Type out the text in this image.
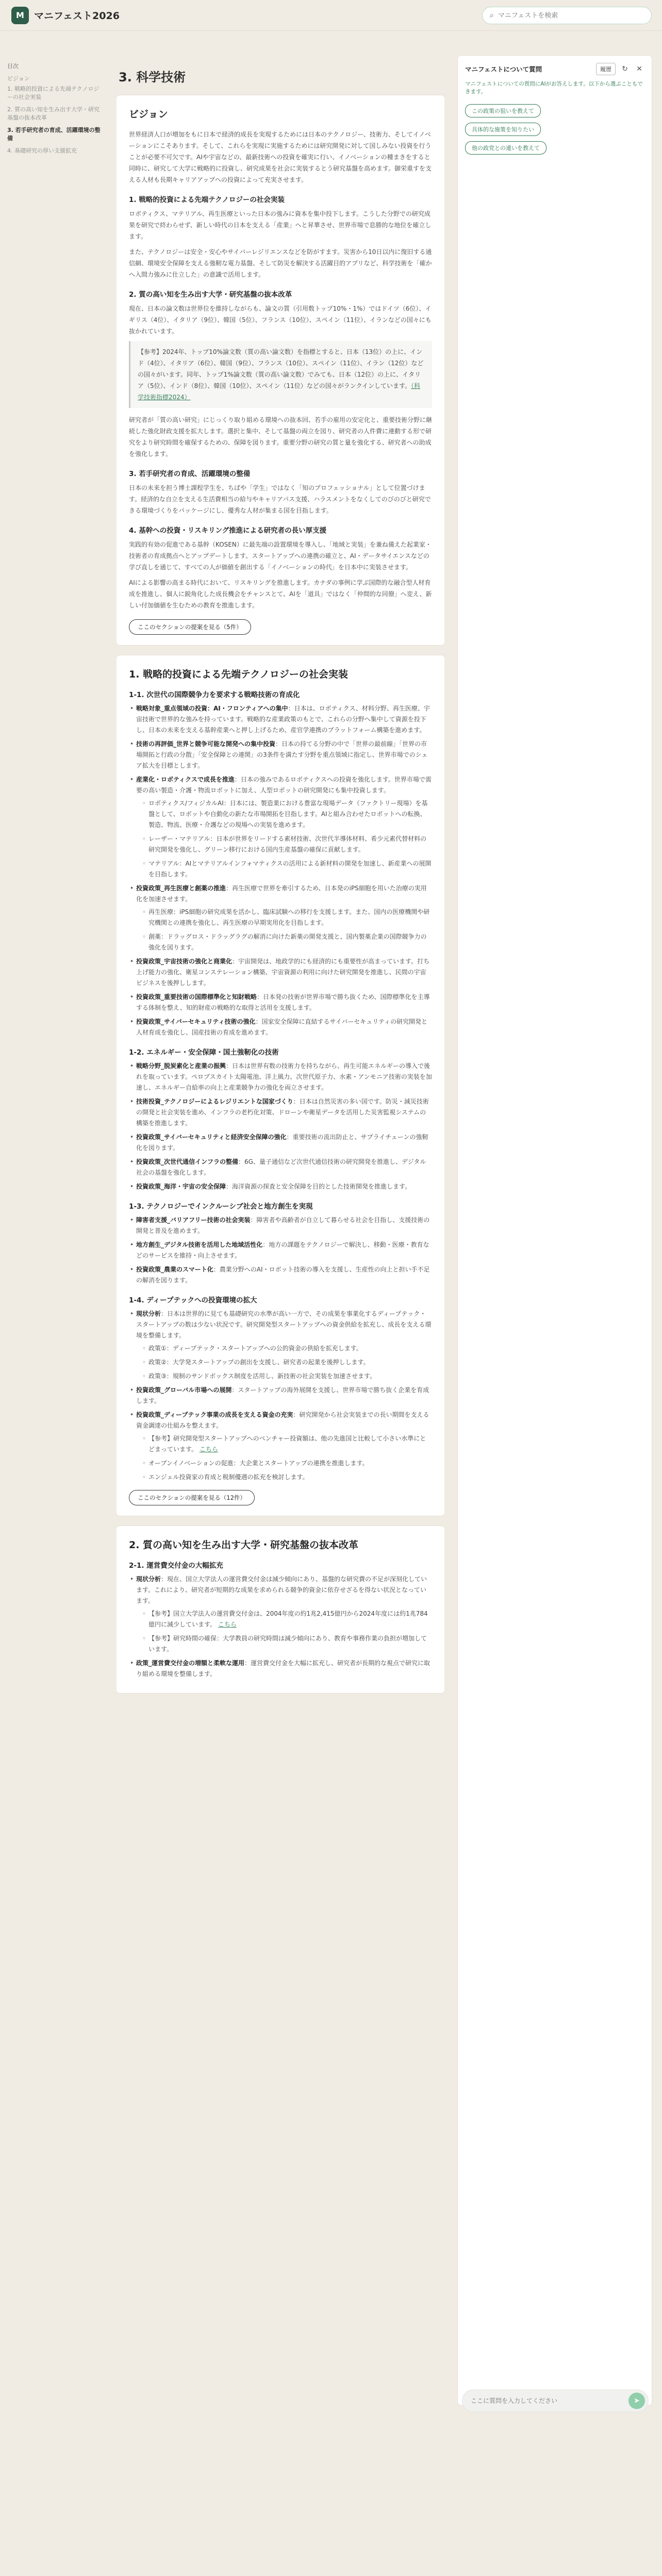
M	マニフェスト2026	⌕
マニフェストを検索
目次
ビジョン
1. 戦略的投資による先端テクノロジーの社会実装
2. 質の高い知を生み出す大学・研究基盤の抜本改革
3. 若手研究者の育成、活躍環境の整備
4. 基礎研究の厚い支援拡充
3. 科学技術
ビジョン

世界経済人口が増加をもに日本で経済的成長を実現するためには日本のテクノロジー、技術力、そしてイノベーションにこそあります。そして、これらを実現に実施するためには研究開発に対して国しみない投資を行うことが必要不可欠です。AIや宇宙などの、最新技術への投資を確実に行い、イノベーションの種まきをすると同時に、研究して大学に戦略的に投資し、研究成果を社会に実装するとう研究基盤を高めます。御栄重すを支える人材も長期キャリアアップへの投資によって充実させます。

1. 戦略的投資による先端テクノロジーの社会実装

ロボティクス、マテリアル、再生医療といった日本の強みに資本を集中投下します。こうした分野での研究成果を研究で終わらせず、新しい時代の日本を支える「産業」へと昇華させ、世界市場で息勝的な地位を確立します。

また、テクノロジーは安全・安心やサイバーレジリエンスなどを防がすます。災害から10日以内に復旧する通信網、環境安全保障を支える強靭な電力基盤、そして防災を解決する活躍目的アプリなど、科学技術を「確かへ入間力強みに仕立した」の意識で活用します。

2. 質の高い知を生み出す大学・研究基盤の抜本改革

現在、日本の論文数は世界位を維持しながらも、論文の質（引用数トップ10%・1%）ではドイツ（6位）、イギリス（4位）、イタリア（9位）、韓国（5位）、フランス（10位）、スペイン（11位）、イランなどの国々にも抜かれています。

【参考】2024年、トップ10%論文数（質の高い論文数）を指標とすると、日本（13位）の上に、インド（4位）、イタリア（6位）、韓国（9位）、フランス（10位）、スペイン（11位）、イラン（12位）などの国々がいます。同年、トップ1%論文数（質の高い論文数）でみても、日本（12位）の上に、イタリア（5位）、インド（8位）、韓国（10位）、スペイン（11位）などの国々がランクインしています。（科学技術指標2024）

研究者が「質の高い研究」にじっくり取り組める環境への抜本回、若手の雇用の安定化と、重要技術分野に継続した強化財政支援を拡大します。選択と集中、そして基盤の両立を図り、研究者の人件費に連動する形で研究をより研究時間を確保するための、保障を図ります。重要分野の研究の質と量を強化する、研究者への助成を強化します。

3. 若手研究者の育成、活躍環境の整備

日本の未来を担う博士課程学生を、ちばや「学生」ではなく「知のプロフェッショナル」として位置づけます。経済的な自立を支える生活費相当の給与やキャリアパス支援、ハラスメントをなくしてのびのびと研究できる環境づくりをパッケージにし、優秀な人材が集まる国を目指します。

4. 基幹への投資・リスキリング推進による研究者の長い厚支援

実践的有効の促進である基幹（KOSEN）に最先端の設置環境を導入し、「地域と実装」を兼ね備えた起業家・技術者の育成拠点へとアップデートします。スタートアップへの連携の確立と、AI・データサイエンスなどの学び直しを通じて、すべての人が価値を創出する「イノベーションの時代」を日本中に実装させます。

AIによる影響の高まる時代において、リスキリングを推進します。カナダの事例に学ぶ国際的な融合型人材育成を推進し、個人に鋭角化した成長機会をチャンスとて、AIを「道具」ではなく「仲間的な同僚」へ変え、新しい付加価値を生むための教育を推進します。

ここのセクションの提案を見る（5件）
1. 戦略的投資による先端テクノロジーの社会実装
1-1. 次世代の国際競争力を要求する戦略技術の育成化
• 戦略対象_重点領域の投資：AI・フロンティアへの集中：日本は、ロボティクス、材料分野、再生医療、宇宙技術で世界的な強みを持っています。戦略的な産業政策のもとで、これらの分野へ集中して資源を投下し、日本の未来を支える基幹産業へと押し上げるため、産官学連携のプラットフォーム構築を進めます。
• 技術の再評価_世界と競争可能な開発への集中投資：日本の持てる分野の中で「世界の最前線」「世界の市場開拓と行政の分散」「安全保障との連関」の3条件を満たす分野を重点領域に指定し、世界市場でのシェア拡大を目標とします。
• 産業化・ロボティクスで成長を推進：日本の強みであるロボティクスへの投資を強化します。世界市場で需要の高い製造・介護・物流ロボットに加え、人型ロボットの研究開発にも集中投資します。
◦ ロボティクス/フィジカルAI：日本には、製造業における豊富な現場データ（ファクトリー現場）を基盤として、ロボットや自動化の新たな市場開拓を目指します。AIと組み合わせたロボットへの転換、製造、物流、医療・介護などの現場への実装を進めます。
◦ レーザー・マテリアル：日本が世界をリードする素材技術、次世代半導体材料、希少元素代替材料の研究開発を強化し、グリーン移行における国内生産基盤の確保に貢献します。
◦ マテリアル：AIとマテリアルインフォマティクスの活用による新材料の開発を加速し、新産業への展開を目指します。
• 投資政策_再生医療と創薬の推進：再生医療で世界を牽引するため、日本発のiPS細胞を用いた治療の実用化を加速させます。
◦ 再生医療：iPS細胞の研究成果を活かし、臨床試験への移行を支援します。また、国内の医療機関や研究機関との連携を強化し、再生医療の早期実用化を目指します。
◦ 創薬：ドラッグロス・ドラッグラグの解消に向けた新薬の開発支援と、国内製薬企業の国際競争力の強化を図ります。
• 投資政策_宇宙技術の強化と商業化：宇宙開発は、地政学的にも経済的にも重要性が高まっています。打ち上げ能力の強化、衛星コンステレーション構築、宇宙資源の利用に向けた研究開発を推進し、民間の宇宙ビジネスを後押しします。
• 投資政策_重要技術の国際標準化と知財戦略：日本発の技術が世界市場で勝ち抜くため、国際標準化を主導する体制を整え、知的財産の戦略的な取得と活用を支援します。
• 投資政策_サイバーセキュリティ技術の強化：国家安全保障に直結するサイバーセキュリティの研究開発と人材育成を強化し、国産技術の育成を進めます。
1-2. エネルギー・安全保障・国土強靭化の技術
• 戦略分野_脱炭素化と産業の振興：日本は世界有数の技術力を持ちながら、再生可能エネルギーの導入で後れを取っています。ペロブスカイト太陽電池、洋上風力、次世代原子力、水素・アンモニア技術の実装を加速し、エネルギー自給率の向上と産業競争力の強化を両立させます。
• 技術投資_テクノロジーによるレジリエントな国家づくり：日本は自然災害の多い国です。防災・減災技術の開発と社会実装を進め、インフラの老朽化対策、ドローンや衛星データを活用した災害監視システムの構築を推進します。
• 投資政策_サイバーセキュリティと経済安全保障の強化：重要技術の流出防止と、サプライチェーンの強靭化を図ります。
• 投資政策_次世代通信インフラの整備：6G、量子通信など次世代通信技術の研究開発を推進し、デジタル社会の基盤を強化します。
• 投資政策_海洋・宇宙の安全保障：海洋資源の探査と安全保障を目的とした技術開発を推進します。
1-3. テクノロジーでインクルーシブ社会と地方創生を実現
• 障害者支援_バリアフリー技術の社会実装：障害者や高齢者が自立して暮らせる社会を目指し、支援技術の開発と普及を進めます。
• 地方創生_デジタル技術を活用した地域活性化：地方の課題をテクノロジーで解決し、移動・医療・教育などのサービスを維持・向上させます。
• 投資政策_農業のスマート化：農業分野へのAI・ロボット技術の導入を支援し、生産性の向上と担い手不足の解消を図ります。
1-4. ディープテックへの投資環境の拡大
• 現状分析：日本は世界的に見ても基礎研究の水準が高い一方で、その成果を事業化するディープテック・スタートアップの数は少ない状況です。研究開発型スタートアップへの資金供給を拡充し、成長を支える環境を整備します。
◦ 政策①：ディープテック・スタートアップへの公的資金の供給を拡充します。
◦ 政策②：大学発スタートアップの創出を支援し、研究者の起業を後押しします。
◦ 政策③：規制のサンドボックス制度を活用し、新技術の社会実装を加速させます。
• 投資政策_グローバル市場への展開：スタートアップの海外展開を支援し、世界市場で勝ち抜く企業を育成します。
• 投資政策_ディープテック事業の成長を支える資金の充実：研究開発から社会実装までの長い期間を支える資金調達の仕組みを整えます。
◦ 【参考】研究開発型スタートアップへのベンチャー投資額は、他の先進国と比較して小さい水準にとどまっています。 こちら
◦ オープンイノベーションの促進：大企業とスタートアップの連携を推進します。
◦ エンジェル投資家の育成と税制優遇の拡充を検討します。
ここのセクションの提案を見る（12件）
2. 質の高い知を生み出す大学・研究基盤の抜本改革
2-1. 運営費交付金の大幅拡充
• 現状分析：現在、国立大学法人の運営費交付金は減少傾向にあり、基盤的な研究費の不足が深刻化しています。これにより、研究者が短期的な成果を求められる競争的資金に依存せざるを得ない状況となっています。
◦ 【参考】国立大学法人の運営費交付金は、2004年度の約1兆2,415億円から2024年度には約1兆784億円に減少しています。 こちら
◦ 【参考】研究時間の確保：大学教員の研究時間は減少傾向にあり、教育や事務作業の負担が増加しています。
• 政策_運営費交付金の増額と柔軟な運用：運営費交付金を大幅に拡充し、研究者が長期的な視点で研究に取り組める環境を整備します。
マニフェストについて質問	履歴	↻ ✕
マニフェストについての質問にAIがお答えします。以下から選ぶこともできます。
この政策の狙いを教えて
具体的な施策を知りたい
他の政党との違いを教えて
ここに質問を入力してください
➤
